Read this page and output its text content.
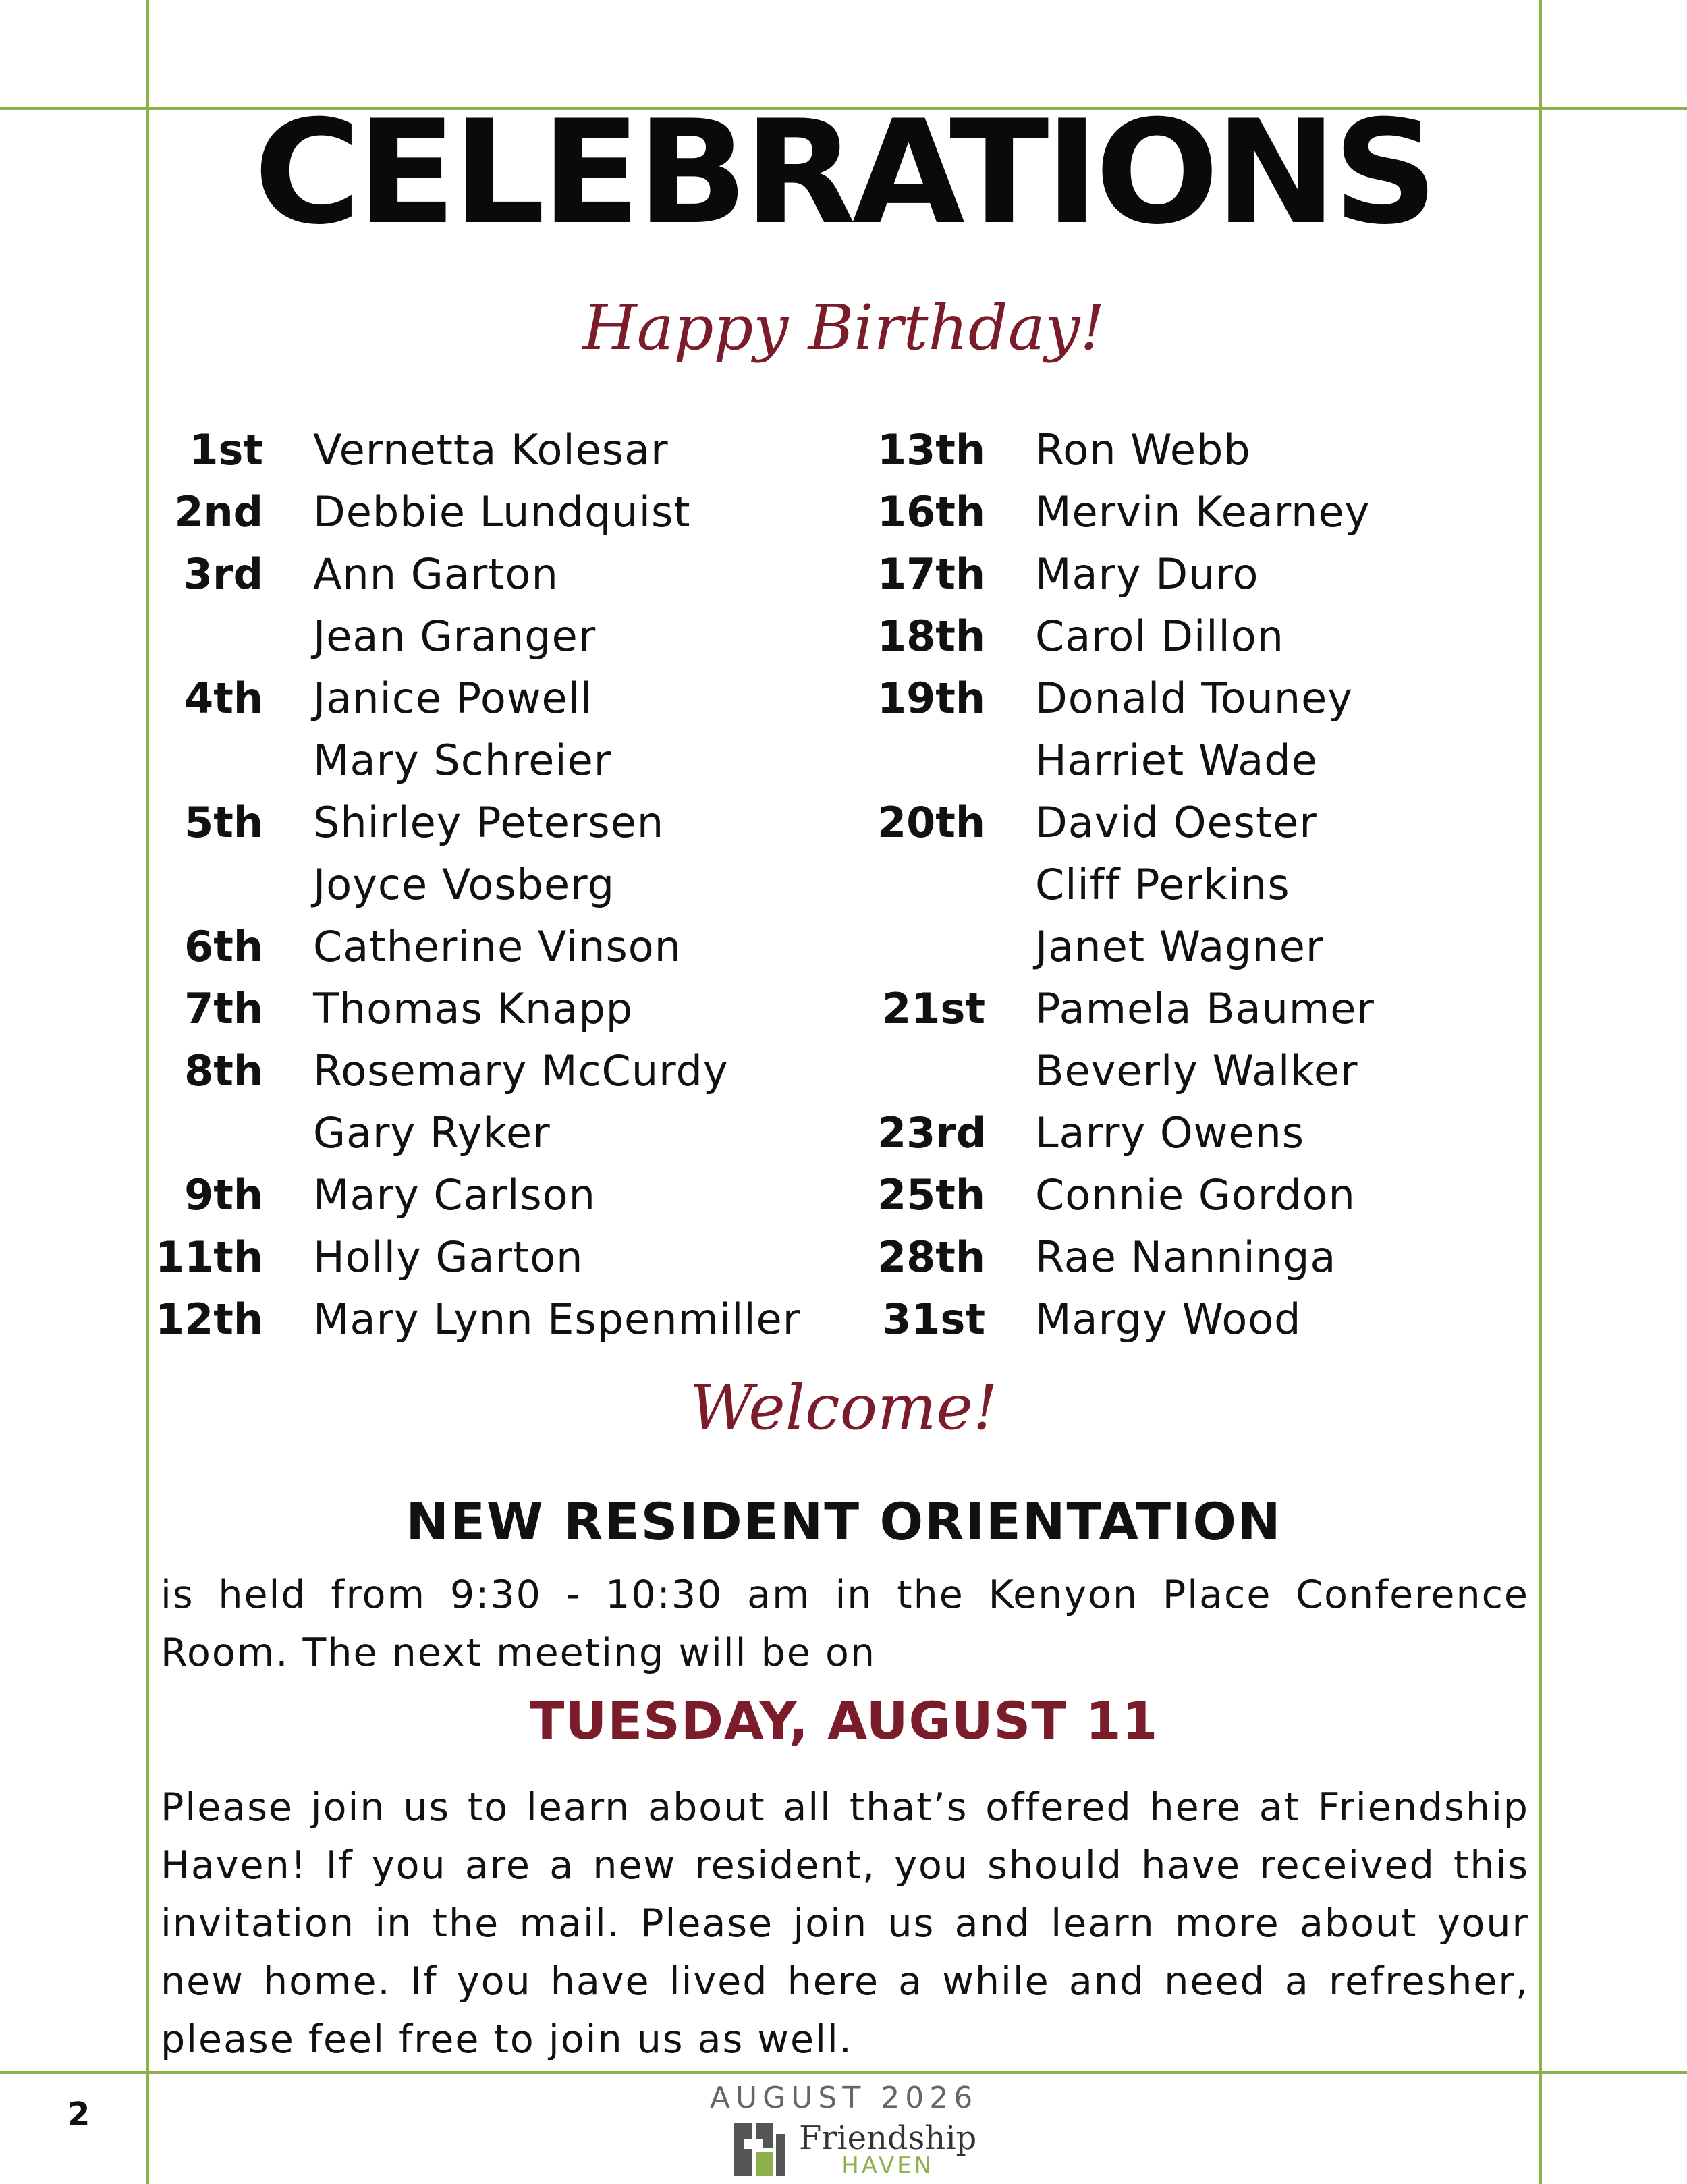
CELEBRATIONS
Happy Birthday!
1st Vernetta Kolesar
2nd Debbie Lundquist
3rd Ann Garton
Jean Granger
4th Janice Powell
Mary Schreier
5th Shirley Petersen
Joyce Vosberg
6th Catherine Vinson
7th Thomas Knapp
8th Rosemary McCurdy
Gary Ryker
9th Mary Carlson
11th Holly Garton
12th Mary Lynn Espenmiller
13th Ron Webb
16th Mervin Kearney
17th Mary Duro
18th Carol Dillon
19th Donald Touney
Harriet Wade
20th David Oester
Cliff Perkins
Janet Wagner
21st Pamela Baumer
Beverly Walker
23rd Larry Owens
25th Connie Gordon
28th Rae Nanninga
31st Margy Wood
Welcome!
NEW RESIDENT ORIENTATION
is held from 9:30 - 10:30 am in the Kenyon Place Conference Room. The next meeting will be on
TUESDAY, AUGUST 11
Please join us to learn about all that’s offered here at Friendship Haven! If you are a new resident, you should have received this invitation in the mail. Please join us and learn more about your new home. If you have lived here a while and need a refresher, please feel free to join us as well.
2	AUGUST 2026
Friendship
HAVEN
